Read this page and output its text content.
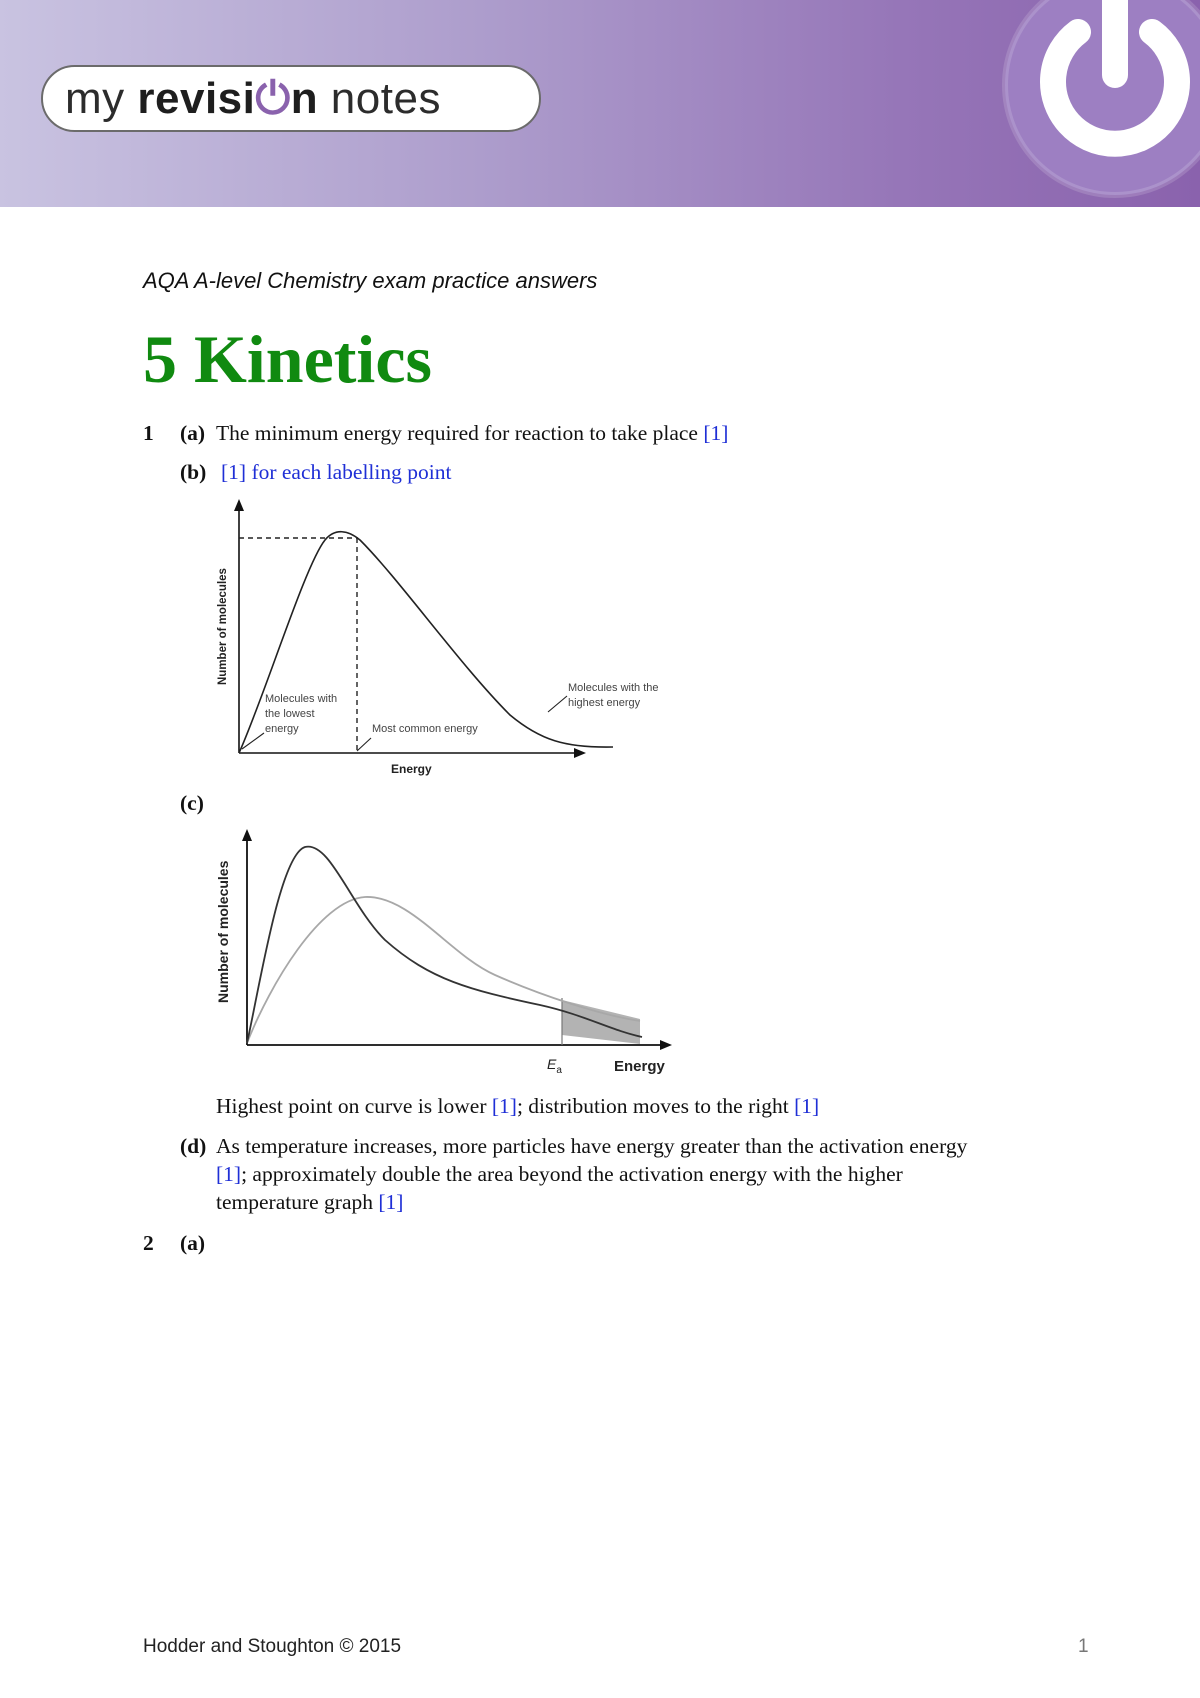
my revisi⏻n notes
AQA A-level Chemistry exam practice answers
5 Kinetics
1 (a) The minimum energy required for reaction to take place [1]
(b) [1] for each labelling point
Number of molecules
Energy
Molecules with
the lowest
energy	Most common energy
Molecules with the
highest energy
(c)
Number of molecules
Energy
$E_a$
Highest point on curve is lower [1]; distribution moves to the right [1]
(d) As temperature increases, more particles have energy greater than the activation energy
[1]; approximately double the area beyond the activation energy with the higher
temperature graph [1]
2 (a)
Hodder and Stoughton © 2015	1
